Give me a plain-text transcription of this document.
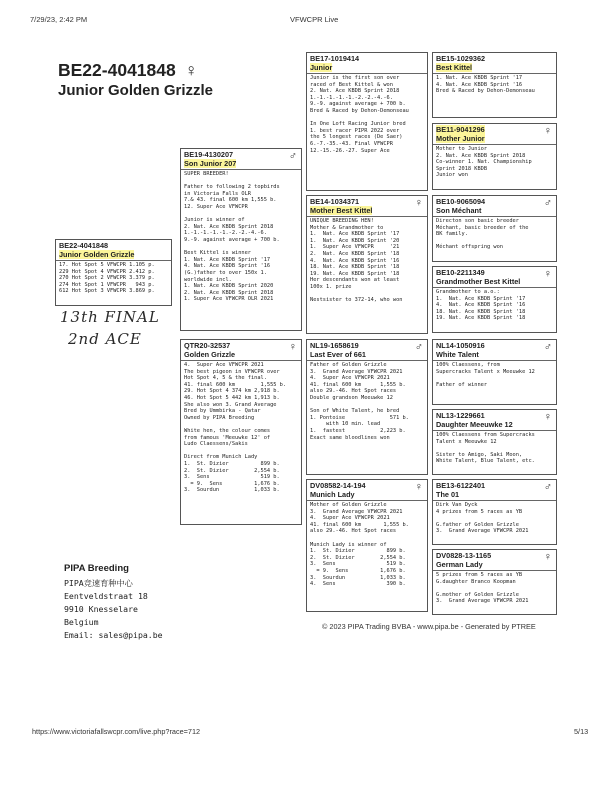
7/29/23, 2:42 PM	VFWCPR Live
BE22-4041848 ♀
Junior Golden Grizzle
BE22-4041848
Junior Golden Grizzle
17. Hot Spot 5 VFWCPR 1.105 p.
229 Hot Spot 4 VFWCPR 2.412 p.
270 Hot Spot 2 VFWCPR 3.379 p.
274 Hot Spot 1 VFWCPR   943 p.
612 Hot Spot 3 VFWCPR 3.869 p.
BE19-4130207
Son Junior 207
♂
SUPER BREEDER!

Father to following 2 topbirds
in Victoria Falls OLR
7.& 43. final 600 km 1,555 b.
12. Super Ace VFWCPR

Junior is winner of
2. Nat. Ace KBDB Sprint 2018
1.-1.-1.-1.-1.-2.-2.-4.-6.
9.-9. against average + 700 b.

Best Kittel is winner
1. Nat. Ace KBDB Sprint '17
4. Nat. Ace KBDB Sprint '16
(G.)father to over 150x 1.
worldwide incl.
1. Nat. Ace KBDB Sprint 2020
2. Nat. Ace KBDB Sprint 2018
1. Super Ace VFWCPR OLR 2021
QTR20-32537
Golden Grizzle
♀
4.  Super Ace VFWCPR 2021
The best pigeon in VFWCPR over
Hot Spot 4, 5 & the final.
41. final 600 km        1,555 b.
29. Hot Spot 4 374 km 2,918 b.
46. Hot Spot 5 442 km 1,913 b.
She also won 3. Grand Average
Bred by Ummbirka - Qatar
Owned by PIPA Breeding

White hen, the colour comes
from famous 'Meeuwke 12' of
Ludo Claessens/Sakis

Direct from Munich Lady
1.  St. Dizier          899 b.
2.  St. Dizier        2,554 b.
3.  Sens                519 b.
= 9.  Sens          1,676 b.
3.  Sourdun           1,033 b.
BE17-1019414
Junior
Junior is the first son over
raced of Best Kittel & won
2. Nat. Ace KBDB Sprint 2018
1.-1.-1.-1.-1.-2.-2.-4.-6.
9.-9. against average + 700 b.
Bred & Raced by Dehon-Demonseau

In One Loft Racing Junior bred
1. best racer PIPR 2022 over
the 5 longest races (De Saer)
6.-7.-35.-43. Final VFWCPR
12.-15.-26.-27. Super Ace
BE14-1034371
Mother Best Kittel
♀
UNIQUE BREEDING HEN!
Mother & Grandmother to
1.  Nat. Ace KBDB Sprint '17
1.  Nat. Ace KBDB Sprint '20
1.  Super Ace VFWCPR     '21
2.  Nat. Ace KBDB Sprint '18
4.  Nat. Ace KBDB Sprint '16
18. Nat. Ace KBDB Sprint '18
19. Nat. Ace KBDB Sprint '18
Her descendants won at least
100x 1. prize

Nestsister to 372-14, who won
NL19-1658619
Last Ever of 661
♂
Father of Golden Grizzle
3.  Grand Average VFWCPR 2021
4.  Super Ace VFWCPR 2021
41. final 600 km      1,555 b.
also 29.-46. Hot Spot races
Double grandson Meeuwke 12

Son of White Talent, he bred
1. Pontoise              571 b.
with 10 min. lead
1.  fastest           2,223 b.
Exact same bloodlines won
DV08582-14-194
Munich Lady
♀
Mother of Golden Grizzle
3.  Grand Average VFWCPR 2021
4.  Super Ace VFWCPR 2021
41. final 600 km       1,555 b.
also 29.-46. Hot Spot races

Munich Lady is winner of
1.  St. Dizier          899 b.
2.  St. Dizier        2,554 b.
3.  Sens                519 b.
= 9.  Sens          1,676 b.
3.  Sourdun           1,033 b.
4.  Sens                390 b.
BE15-1029362
Best Kittel
1. Nat. Ace KBDB Sprint '17
4. Nat. Ace KBDB Sprint '16
Bred & Raced by Dehon-Demonseau
BE11-9041296
Mother Junior
♀
Mother to Junior
2. Nat. Ace KBDB Sprint 2018
Co-winner 1. Nat. Championship
Sprint 2018 KBDB
Junior won
BE10-9065094
Son Méchant
♂
Directon son basic breeder
Méchant, basic breeder of the
BK family.

Méchant offspring won
BE10-2211349
Grandmother Best Kittel
♀
Grandmother to a.o.:
1.  Nat. Ace KBDB Sprint '17
4.  Nat. Ace KBDB Sprint '16
18. Nat. Ace KBDB Sprint '18
19. Nat. Ace KBDB Sprint '18
NL14-1050916
White Talent
♂
100% Claessens, from
Supercracks Talent x Meeuwke 12

Father of winner
NL13-1229661
Daughter Meeuwke 12
♀
100% Claessens from Supercracks
Talent x Meeuwke 12

Sister to Amigo, Saki Moon,
White Talent, Blue Talent, etc.
BE13-6122401
The 01
♂
Dirk Van Dyck
4 prizes from 5 races as YB

G.father of Golden Grizzle
3.  Grand Average VFWCPR 2021
DV0828-13-1165
German Lady
♀
5 prizes from 5 races as YB
G.daughter Branco Koopman

G.mother of Golden Grizzle
3.  Grand Average VFWCPR 2021
13th FINAL
2nd ACE
PIPA Breeding
PIPA竞速育种中心
Eentveldstraat 18
9910 Knesselare
Belgium
Email: sales@pipa.be
© 2023 PIPA Trading BVBA - www.pipa.be - Generated by PTREE
https://www.victoriafallswcpr.com/live.php?race=712	5/13
